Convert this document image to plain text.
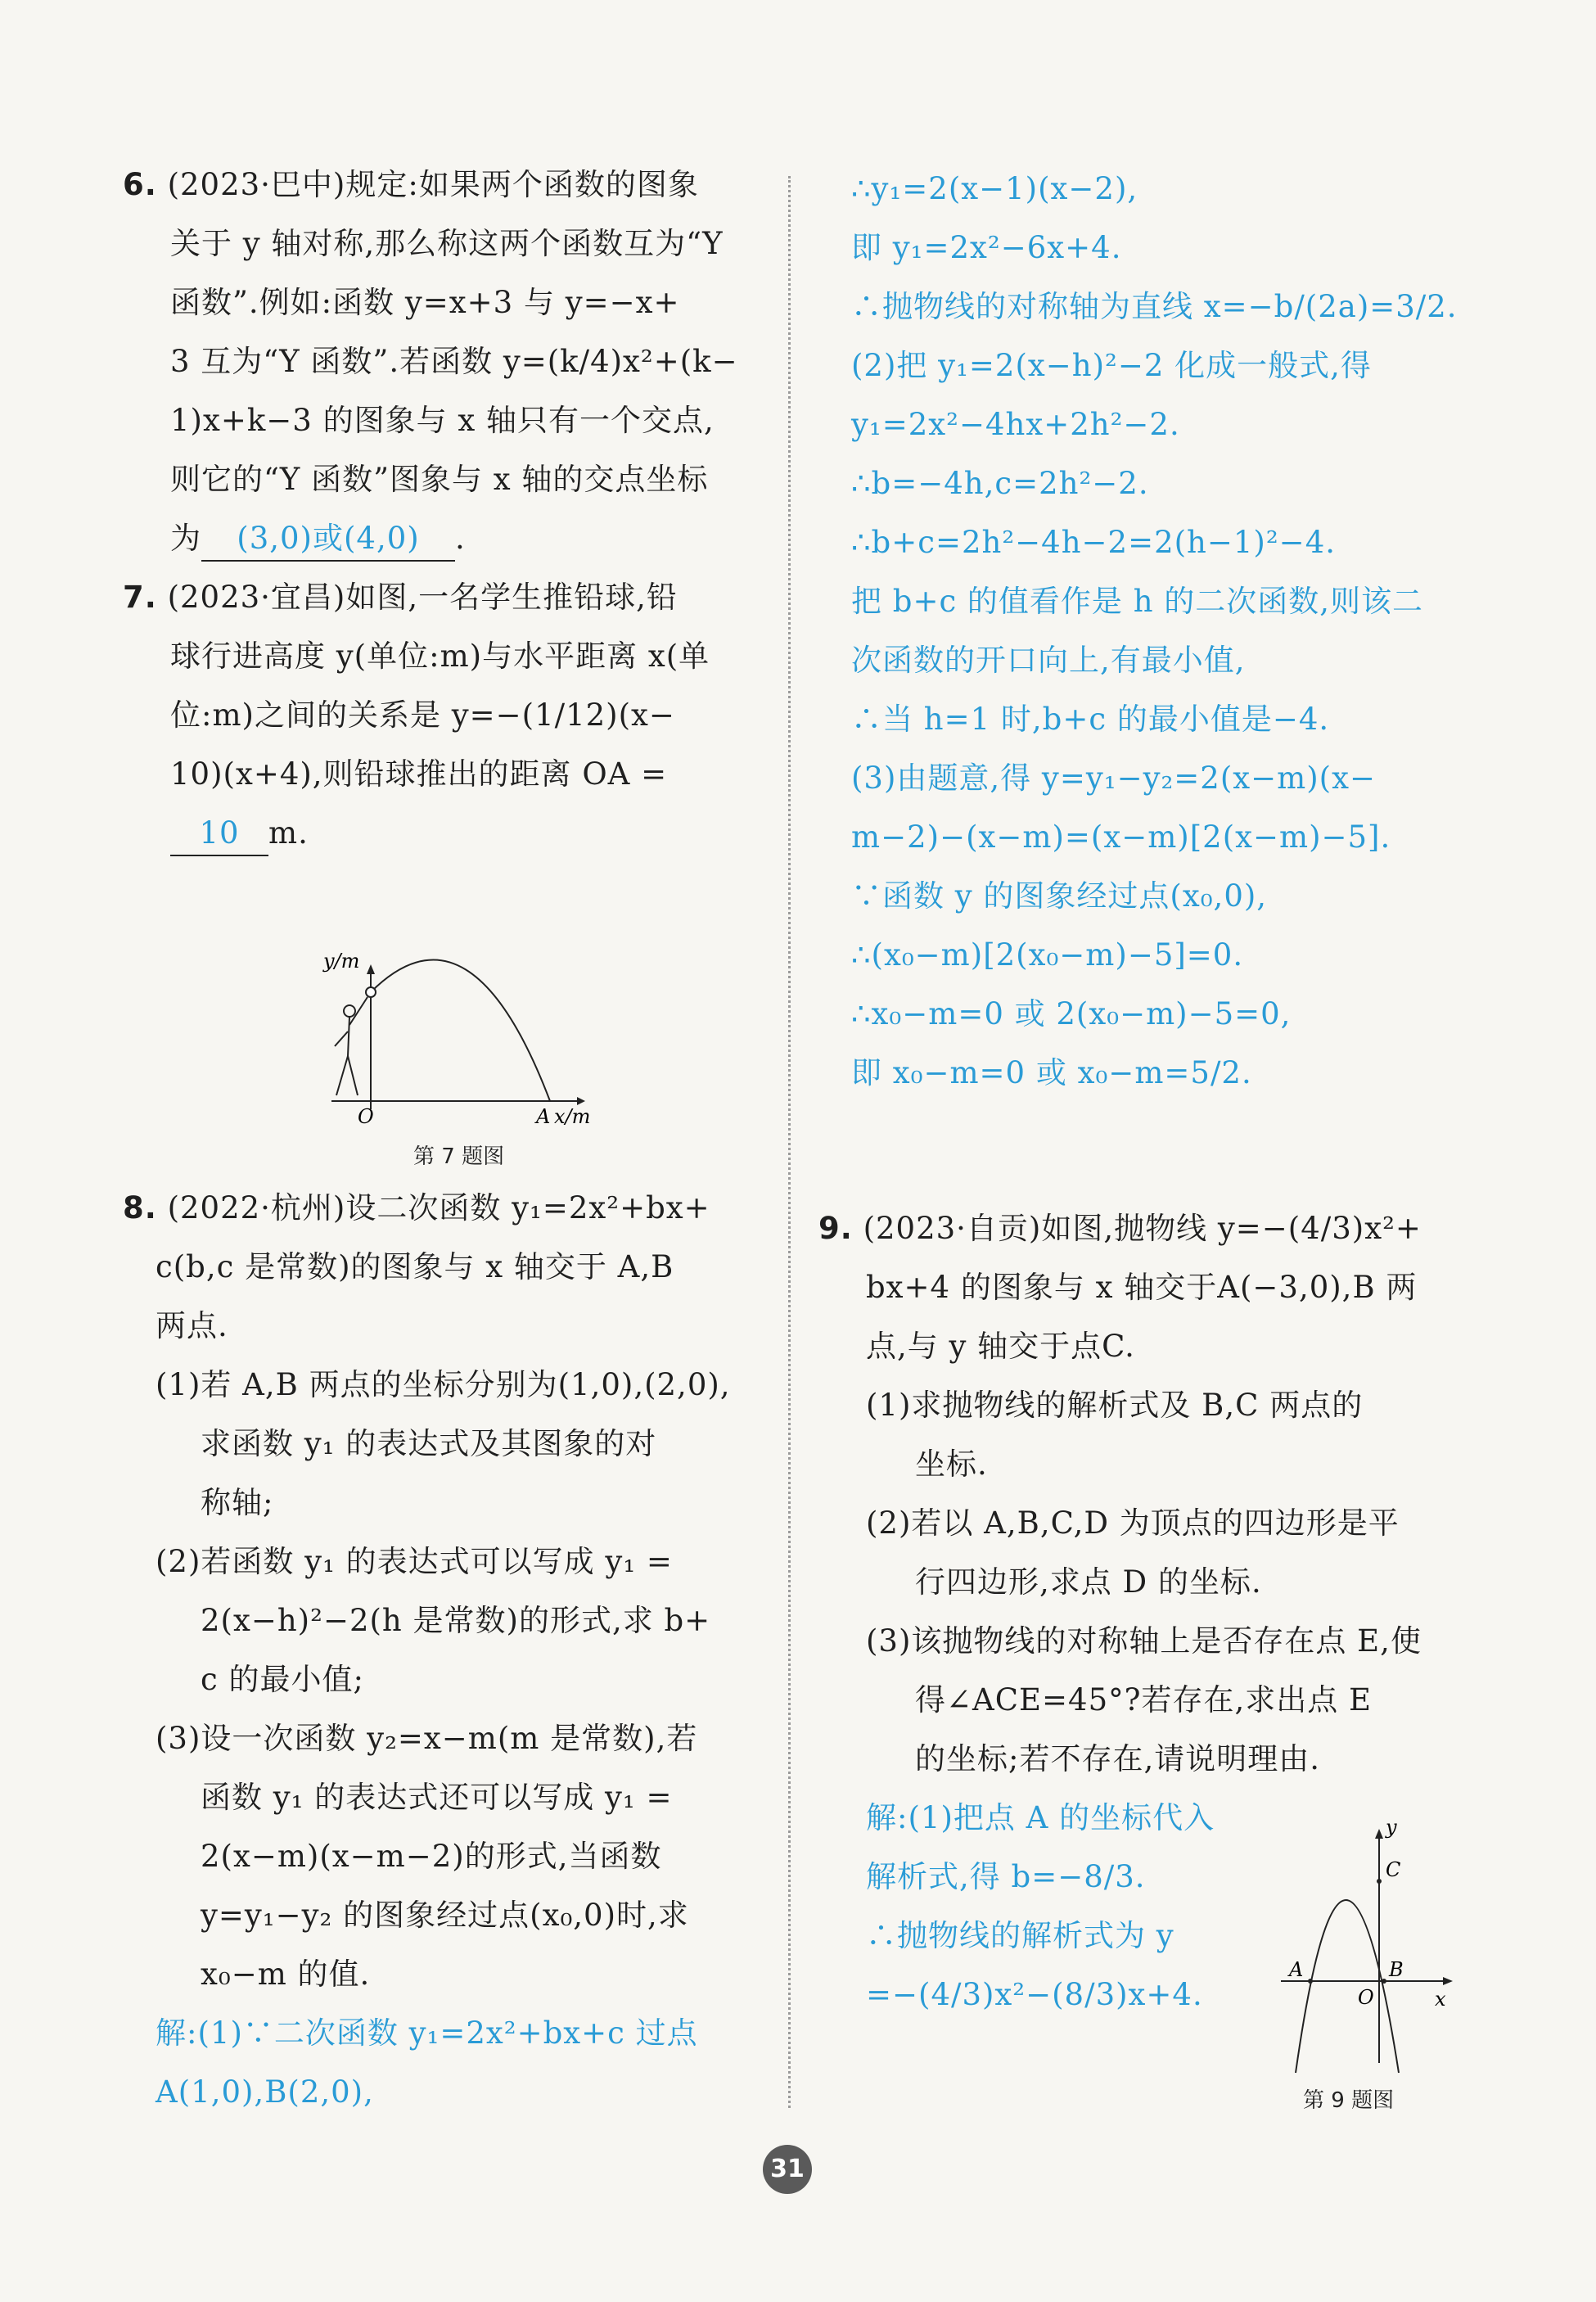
6. (2023·巴中)规定:如果两个函数的图象
关于 y 轴对称,那么称这两个函数互为“Y
函数”.例如:函数 y=x+3 与 y=−x+
3 互为“Y 函数”.若函数 y=(k/4)x²+(k−
1)x+k−3 的图象与 x 轴只有一个交点,
则它的“Y 函数”图象与 x 轴的交点坐标
为 (3,0)或(4,0) .
7. (2023·宜昌)如图,一名学生推铅球,铅
球行进高度 y(单位:m)与水平距离 x(单
位:m)之间的关系是 y=−(1/12)(x−
10)(x+4),则铅球推出的距离 OA =
10 m.
y/m
x/m
O	A
第 7 题图
8. (2022·杭州)设二次函数 y₁=2x²+bx+
c(b,c 是常数)的图象与 x 轴交于 A,B
两点.
(1)若 A,B 两点的坐标分别为(1,0),(2,0),
求函数 y₁ 的表达式及其图象的对
称轴;
(2)若函数 y₁ 的表达式可以写成 y₁ =
2(x−h)²−2(h 是常数)的形式,求 b+
c 的最小值;
(3)设一次函数 y₂=x−m(m 是常数),若
函数 y₁ 的表达式还可以写成 y₁ =
2(x−m)(x−m−2)的形式,当函数
y=y₁−y₂ 的图象经过点(x₀,0)时,求
x₀−m 的值.
解:(1)∵二次函数 y₁=2x²+bx+c 过点
A(1,0),B(2,0),
∴y₁=2(x−1)(x−2),
即 y₁=2x²−6x+4.
∴抛物线的对称轴为直线 x=−b/(2a)=3/2.
(2)把 y₁=2(x−h)²−2 化成一般式,得
y₁=2x²−4hx+2h²−2.
∴b=−4h,c=2h²−2.
∴b+c=2h²−4h−2=2(h−1)²−4.
把 b+c 的值看作是 h 的二次函数,则该二
次函数的开口向上,有最小值,
∴当 h=1 时,b+c 的最小值是−4.
(3)由题意,得 y=y₁−y₂=2(x−m)(x−
m−2)−(x−m)=(x−m)[2(x−m)−5].
∵函数 y 的图象经过点(x₀,0),
∴(x₀−m)[2(x₀−m)−5]=0.
∴x₀−m=0 或 2(x₀−m)−5=0,
即 x₀−m=0 或 x₀−m=5/2.
9. (2023·自贡)如图,抛物线 y=−(4/3)x²+
bx+4 的图象与 x 轴交于A(−3,0),B 两
点,与 y 轴交于点C.
(1)求抛物线的解析式及 B,C 两点的
坐标.
(2)若以 A,B,C,D 为顶点的四边形是平
行四边形,求点 D 的坐标.
(3)该抛物线的对称轴上是否存在点 E,使
得∠ACE=45°?若存在,求出点 E
的坐标;若不存在,请说明理由.
解:(1)把点 A 的坐标代入
解析式,得 b=−8/3.
∴抛物线的解析式为 y
=−(4/3)x²−(8/3)x+4.
y
x
O
A	B
C
第 9 题图
31
